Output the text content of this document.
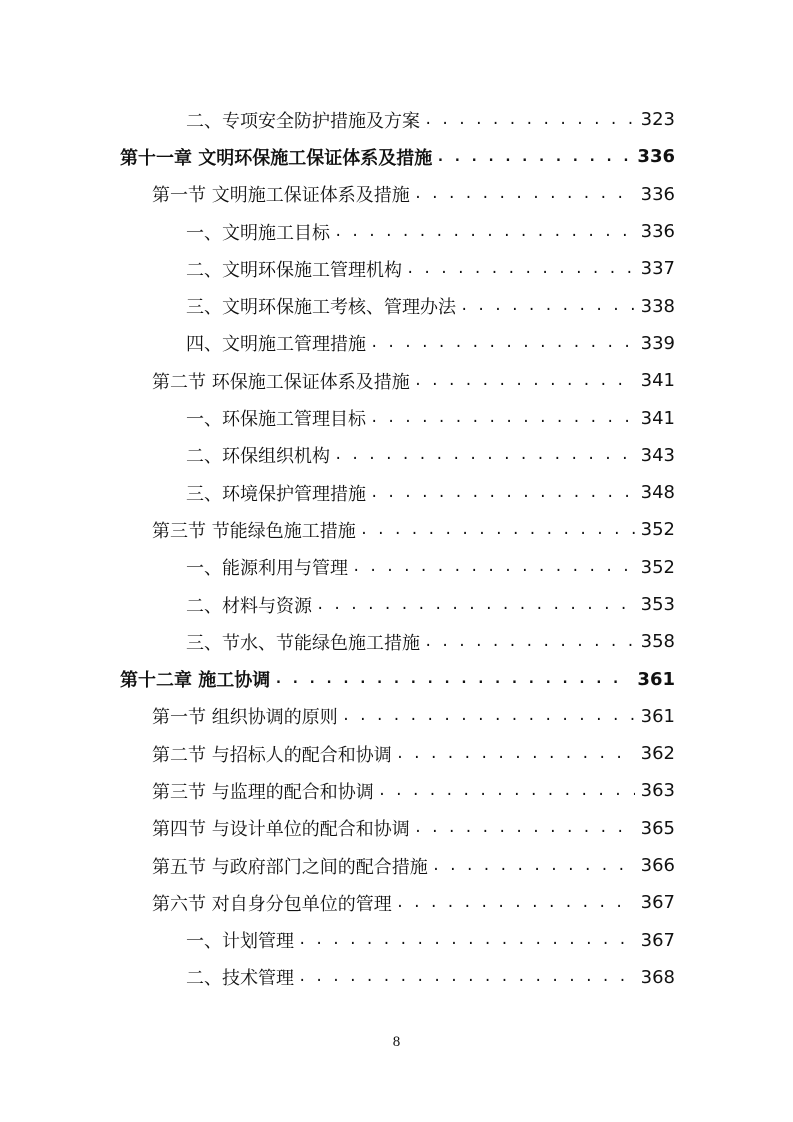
二、专项安全防护措施及方案 . . .	323
第十一章 文明环保施工保证体系及措施 . . .	336
第一节 文明施工保证体系及措施 . . .	336
一、文明施工目标 . . .	336
二、文明环保施工管理机构 . . .	337
三、文明环保施工考核、管理办法 . . .	338
四、文明施工管理措施 . . .	339
第二节 环保施工保证体系及措施 . . .	341
一、环保施工管理目标 . . .	341
二、环保组织机构 . . .	343
三、环境保护管理措施 . . .	348
第三节 节能绿色施工措施 . . .	352
一、能源利用与管理 . . .	352
二、材料与资源 . . .	353
三、节水、节能绿色施工措施 . . .	358
第十二章 施工协调 . . .	361
第一节 组织协调的原则 . . .	361
第二节 与招标人的配合和协调 . . .	362
第三节 与监理的配合和协调 . . .	363
第四节 与设计单位的配合和协调 . . .	365
第五节 与政府部门之间的配合措施 . . .	366
第六节 对自身分包单位的管理 . . .	367
一、计划管理 . . .	367
二、技术管理 . . .	368
8
